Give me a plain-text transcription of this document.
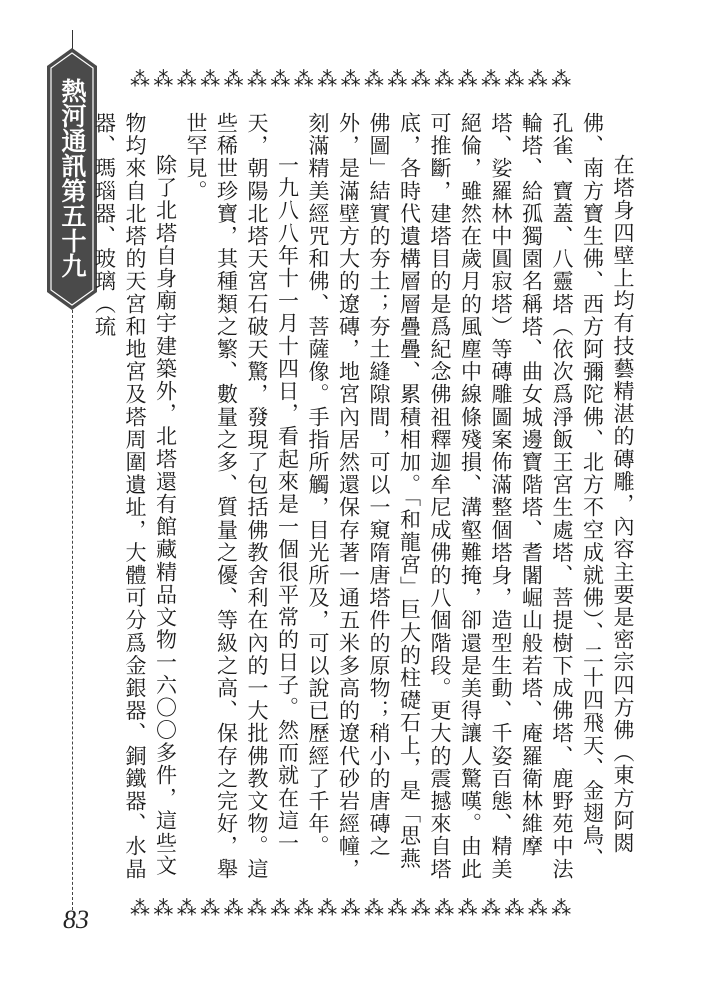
熱河通訊第五十九期	⁂⁂⁂⁂⁂⁂⁂⁂⁂⁂⁂⁂⁂⁂⁂⁂⁂⁂⁂

在塔身四壁上均有技藝精湛的磚雕，內容主要是密宗四方佛（東方阿閦佛、南方寶生佛、西方阿彌陀佛、北方不空成就佛）、二十四飛天、金翅鳥、孔雀、寶蓋、八靈塔（依次爲淨飯王宮生處塔、菩提樹下成佛塔、鹿野苑中法輪塔、給孤獨園名稱塔、曲女城邊寶階塔、耆闍崛山般若塔、庵羅衛林維摩塔、娑羅林中圓寂塔）等磚雕圖案佈滿整個塔身，造型生動、千姿百態、精美絕倫，雖然在歲月的風塵中線條殘損、溝壑難掩，卻還是美得讓人驚嘆。由此可推斷，建塔目的是爲紀念佛祖釋迦牟尼成佛的八個階段。更大的震撼來自塔底，各時代遺構層層疊疊、累積相加。「和龍宮」巨大的柱礎石上，是「思燕佛圖」結實的夯土；夯土縫隙間，可以一窺隋唐塔件的原物；稍小的唐磚之外，是滿壁方大的遼磚，地宮內居然還保存著一通五米多高的遼代砂岩經幢，刻滿精美經咒和佛、菩薩像。手指所觸，目光所及，可以說已歷經了千年。

一九八八年十一月十四日，看起來是一個很平常的日子。然而就在這一天，朝陽北塔天宮石破天驚，發現了包括佛教舍利在內的一大批佛教文物。這些稀世珍寶，其種類之繁、數量之多、質量之優、等級之高、保存之完好，舉世罕見。

除了北塔自身廟宇建築外，北塔還有館藏精品文物一六〇〇多件，這些文物均來自北塔的天宮和地宮及塔周圍遺址，大體可分爲金銀器、銅鐵器、水晶器、瑪瑙器、玻璃（琉

⁂⁂⁂⁂⁂⁂⁂⁂⁂⁂⁂⁂⁂⁂⁂⁂⁂⁂⁂
83
